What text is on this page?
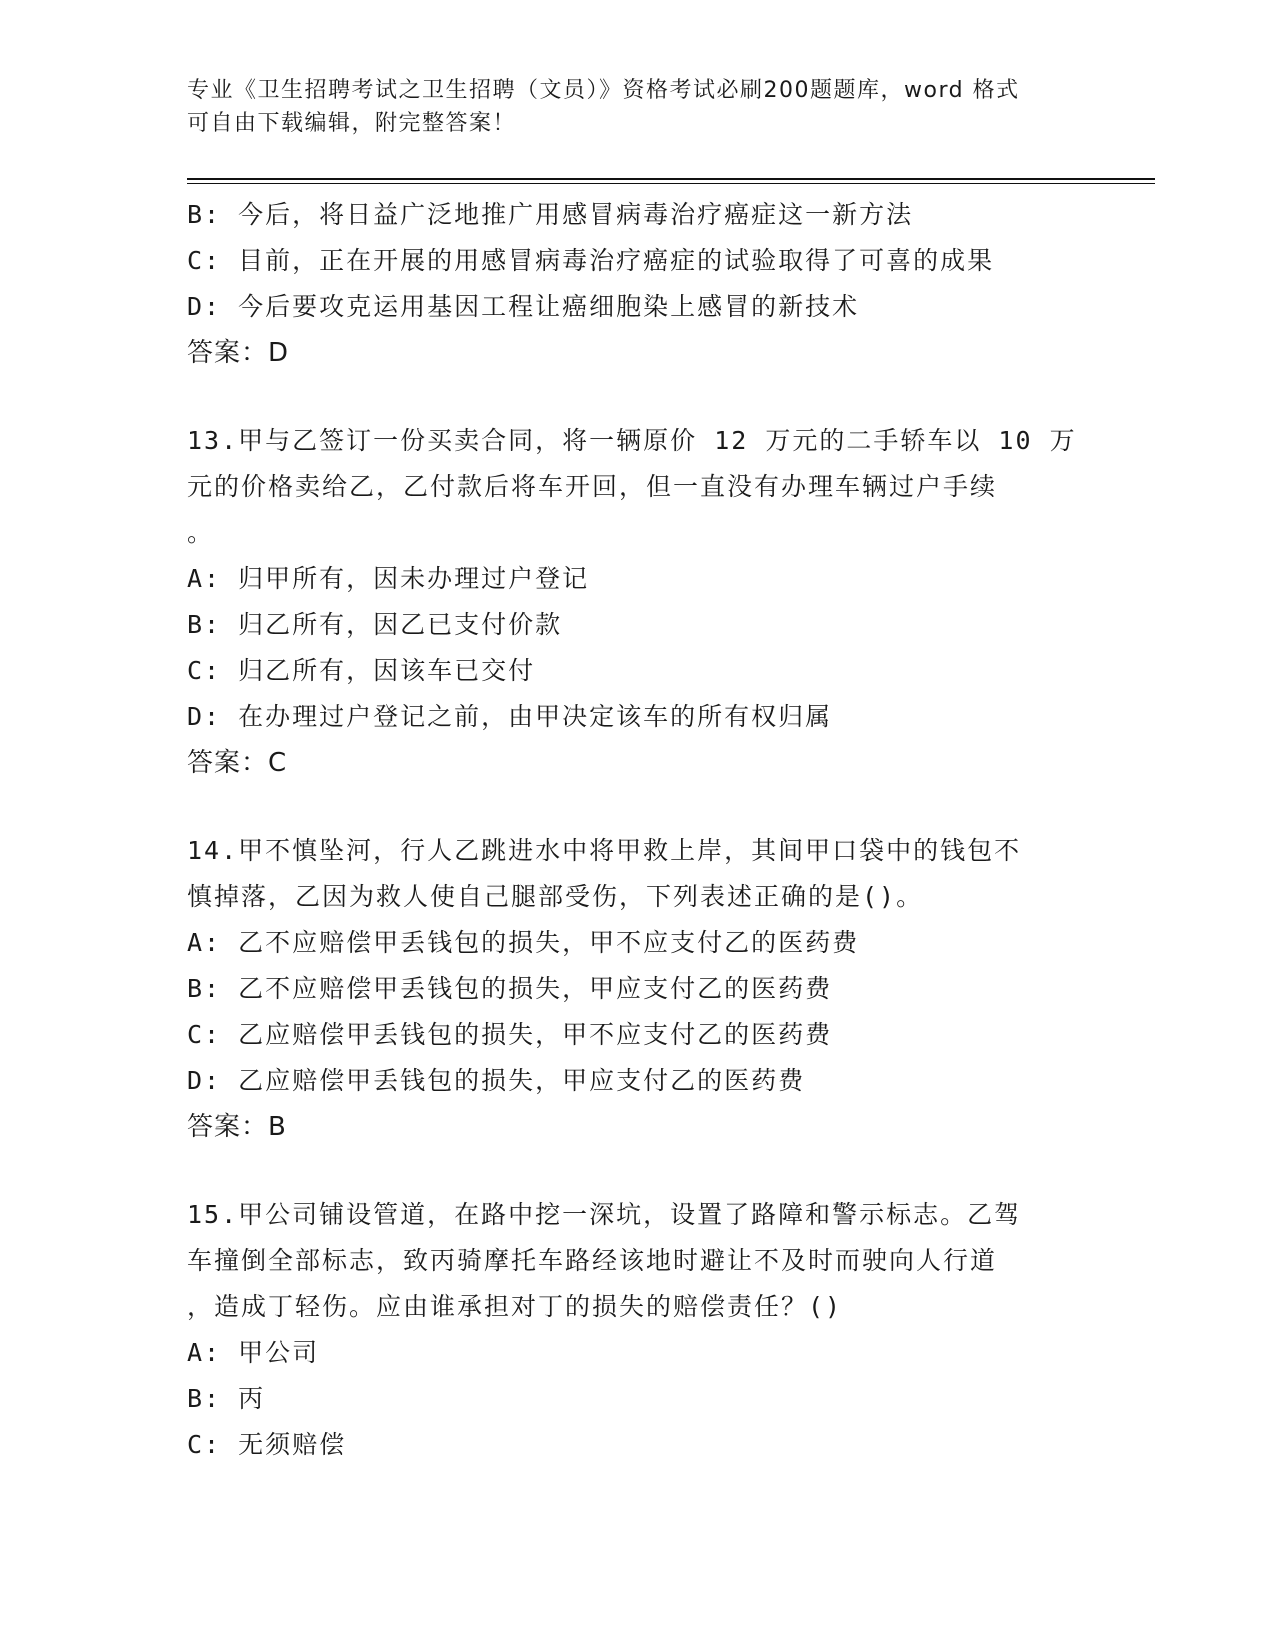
专业《卫生招聘考试之卫生招聘（文员）》资格考试必刷200题题库，word 格式
可自由下载编辑，附完整答案！
B: 今后，将日益广泛地推广用感冒病毒治疗癌症这一新方法
C: 目前，正在开展的用感冒病毒治疗癌症的试验取得了可喜的成果
D: 今后要攻克运用基因工程让癌细胞染上感冒的新技术
答案：D
13.甲与乙签订一份买卖合同，将一辆原价 12 万元的二手轿车以 10 万
元的价格卖给乙，乙付款后将车开回，但一直没有办理车辆过户手续
。
A: 归甲所有，因未办理过户登记
B: 归乙所有，因乙已支付价款
C: 归乙所有，因该车已交付
D: 在办理过户登记之前，由甲决定该车的所有权归属
答案：C
14.甲不慎坠河，行人乙跳进水中将甲救上岸，其间甲口袋中的钱包不
慎掉落，乙因为救人使自己腿部受伤，下列表述正确的是()。
A: 乙不应赔偿甲丢钱包的损失，甲不应支付乙的医药费
B: 乙不应赔偿甲丢钱包的损失，甲应支付乙的医药费
C: 乙应赔偿甲丢钱包的损失，甲不应支付乙的医药费
D: 乙应赔偿甲丢钱包的损失，甲应支付乙的医药费
答案：B
15.甲公司铺设管道，在路中挖一深坑，设置了路障和警示标志。乙驾
车撞倒全部标志，致丙骑摩托车路经该地时避让不及时而驶向人行道
，造成丁轻伤。应由谁承担对丁的损失的赔偿责任？()
A: 甲公司
B: 丙
C: 无须赔偿
